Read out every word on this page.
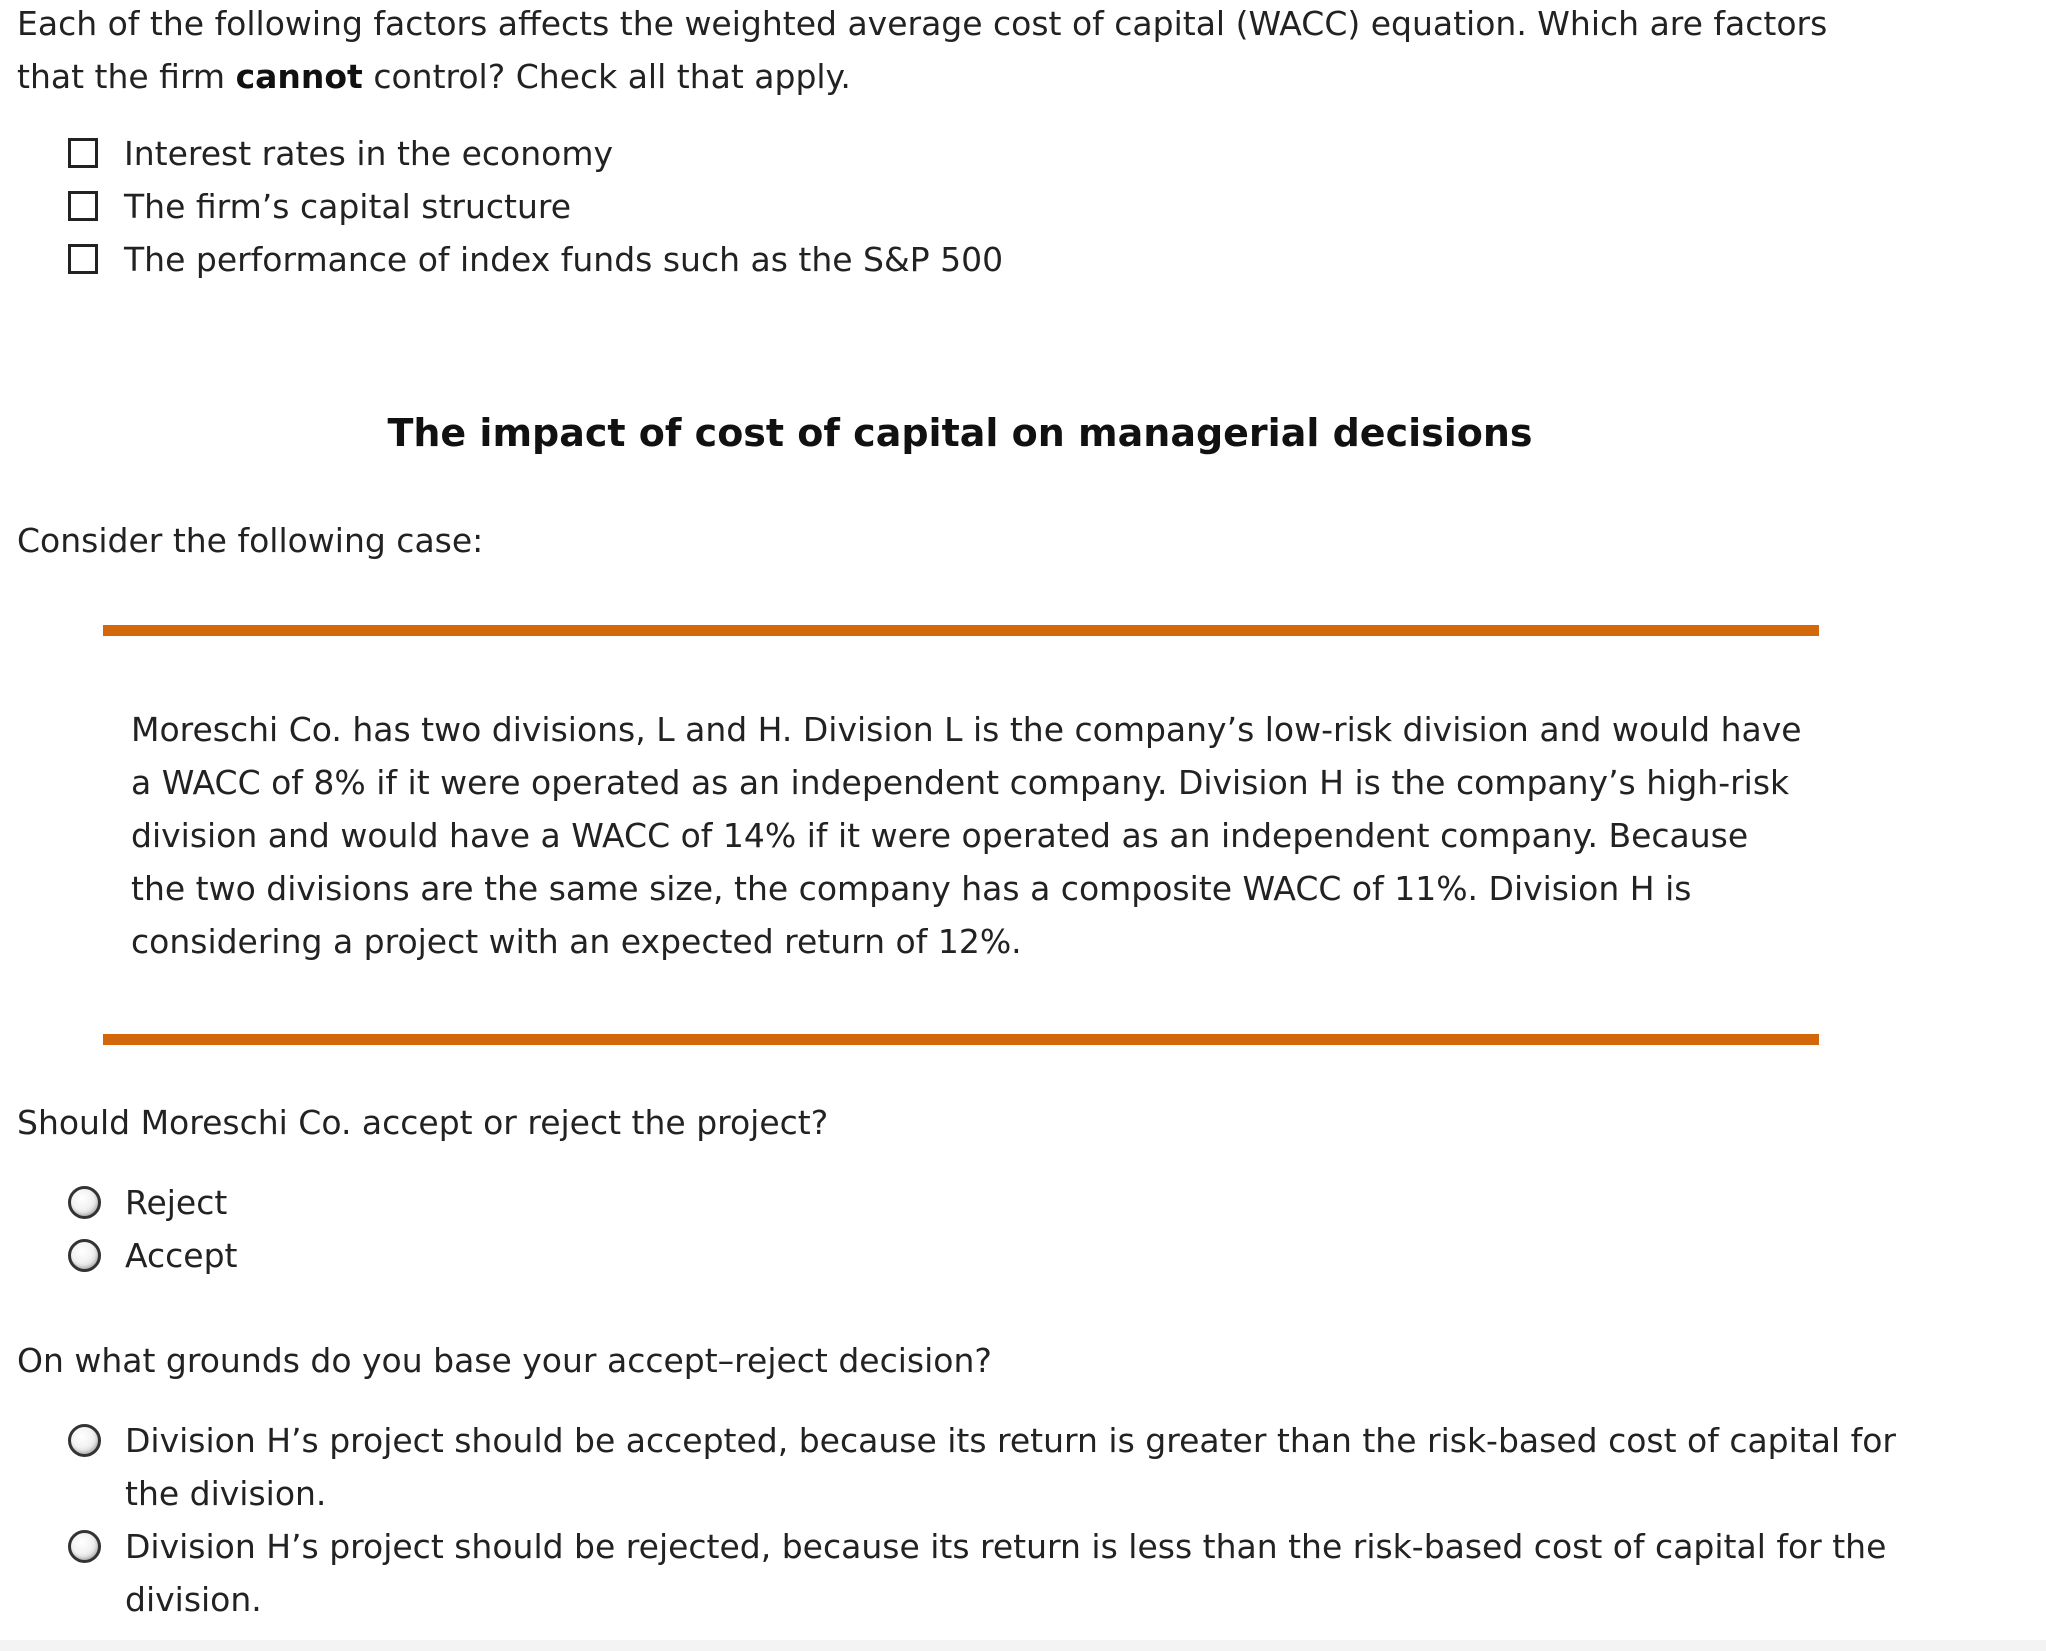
Each of the following factors affects the weighted average cost of capital (WACC) equation. Which are factors that the firm cannot control? Check all that apply.

Interest rates in the economy
The firm’s capital structure
The performance of index funds such as the S&P 500
The impact of cost of capital on managerial decisions

Consider the following case:

Moreschi Co. has two divisions, L and H. Division L is the company’s low-risk division and would have a WACC of 8% if it were operated as an independent company. Division H is the company’s high-risk division and would have a WACC of 14% if it were operated as an independent company. Because the two divisions are the same size, the company has a composite WACC of 11%. Division H is considering a project with an expected return of 12%.

Should Moreschi Co. accept or reject the project?

Reject
Accept

On what grounds do you base your accept–reject decision?

Division H’s project should be accepted, because its return is greater than the risk-based cost of capital for the division.
Division H’s project should be rejected, because its return is less than the risk-based cost of capital for the division.
